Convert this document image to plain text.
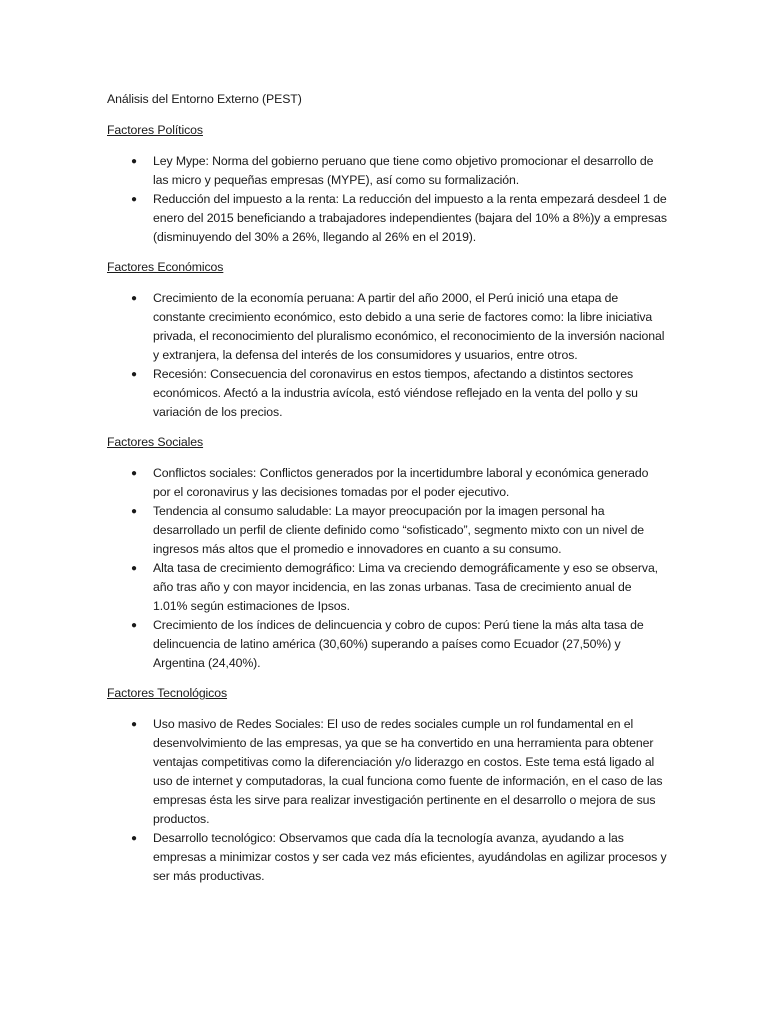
Análisis del Entorno Externo (PEST)

Factores Políticos

● Ley Mype: Norma del gobierno peruano que tiene como objetivo promocionar el desarrollo de las micro y pequeñas empresas (MYPE), así como su formalización.
● Reducción del impuesto a la renta: La reducción del impuesto a la renta empezará desdeel 1 de enero del 2015 beneficiando a trabajadores independientes (bajara del 10% a 8%)y a empresas (disminuyendo del 30% a 26%, llegando al 26% en el 2019).

Factores Económicos

● Crecimiento de la economía peruana: A partir del año 2000, el Perú inició una etapa de constante crecimiento económico, esto debido a una serie de factores como: la libre iniciativa privada, el reconocimiento del pluralismo económico, el reconocimiento de la inversión nacional y extranjera, la defensa del interés de los consumidores y usuarios, entre otros.
● Recesión: Consecuencia del coronavirus en estos tiempos, afectando a distintos sectores económicos. Afectó a la industria avícola, estó viéndose reflejado en la venta del pollo y su variación de los precios.

Factores Sociales

● Conflictos sociales: Conflictos generados por la incertidumbre laboral y económica generado por el coronavirus y las decisiones tomadas por el poder ejecutivo.
● Tendencia al consumo saludable: La mayor preocupación por la imagen personal ha desarrollado un perfil de cliente definido como “sofisticado”, segmento mixto con un nivel de ingresos más altos que el promedio e innovadores en cuanto a su consumo.
● Alta tasa de crecimiento demográfico: Lima va creciendo demográficamente y eso se observa, año tras año y con mayor incidencia, en las zonas urbanas. Tasa de crecimiento anual de 1.01% según estimaciones de Ipsos.
● Crecimiento de los índices de delincuencia y cobro de cupos: Perú tiene la más alta tasa de delincuencia de latino américa (30,60%) superando a países como Ecuador (27,50%) y Argentina (24,40%).

Factores Tecnológicos

● Uso masivo de Redes Sociales: El uso de redes sociales cumple un rol fundamental en el desenvolvimiento de las empresas, ya que se ha convertido en una herramienta para obtener ventajas competitivas como la diferenciación y/o liderazgo en costos. Este tema está ligado al uso de internet y computadoras, la cual funciona como fuente de información, en el caso de las empresas ésta les sirve para realizar investigación pertinente en el desarrollo o mejora de sus productos.
● Desarrollo tecnológico: Observamos que cada día la tecnología avanza, ayudando a las empresas a minimizar costos y ser cada vez más eficientes, ayudándolas en agilizar procesos y ser más productivas.
